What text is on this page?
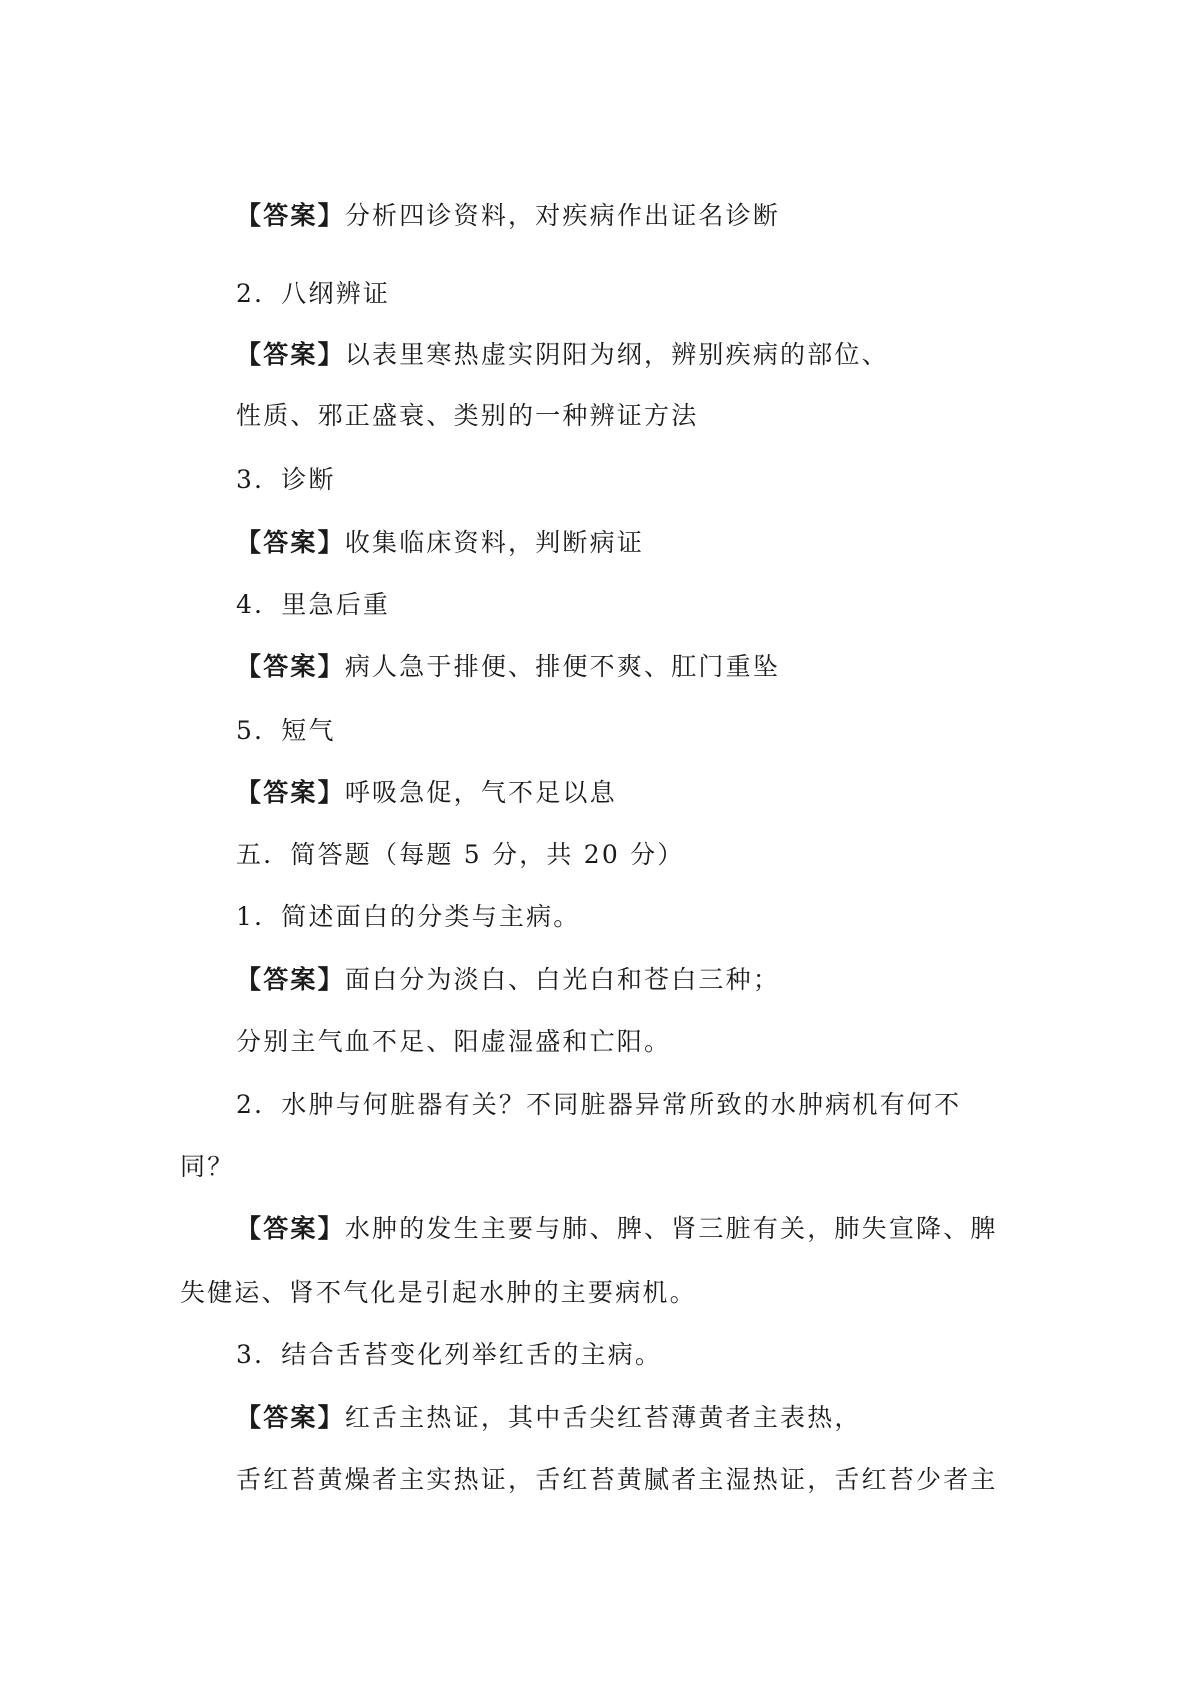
【答案】分析四诊资料，对疾病作出证名诊断
2．八纲辨证
【答案】以表里寒热虚实阴阳为纲，辨别疾病的部位、
性质、邪正盛衰、类别的一种辨证方法
3．诊断
【答案】收集临床资料，判断病证
4．里急后重
【答案】病人急于排便、排便不爽、肛门重坠
5．短气
【答案】呼吸急促，气不足以息
五．简答题（每题 5 分，共 20 分）
1．简述面白的分类与主病。
【答案】面白分为淡白、白光白和苍白三种；
分别主气血不足、阳虚湿盛和亡阳。
2．水肿与何脏器有关？不同脏器异常所致的水肿病机有何不
同？
【答案】水肿的发生主要与肺、脾、肾三脏有关，肺失宣降、脾
失健运、肾不气化是引起水肿的主要病机。
3．结合舌苔变化列举红舌的主病。
【答案】红舌主热证，其中舌尖红苔薄黄者主表热，
舌红苔黄燥者主实热证，舌红苔黄腻者主湿热证，舌红苔少者主
